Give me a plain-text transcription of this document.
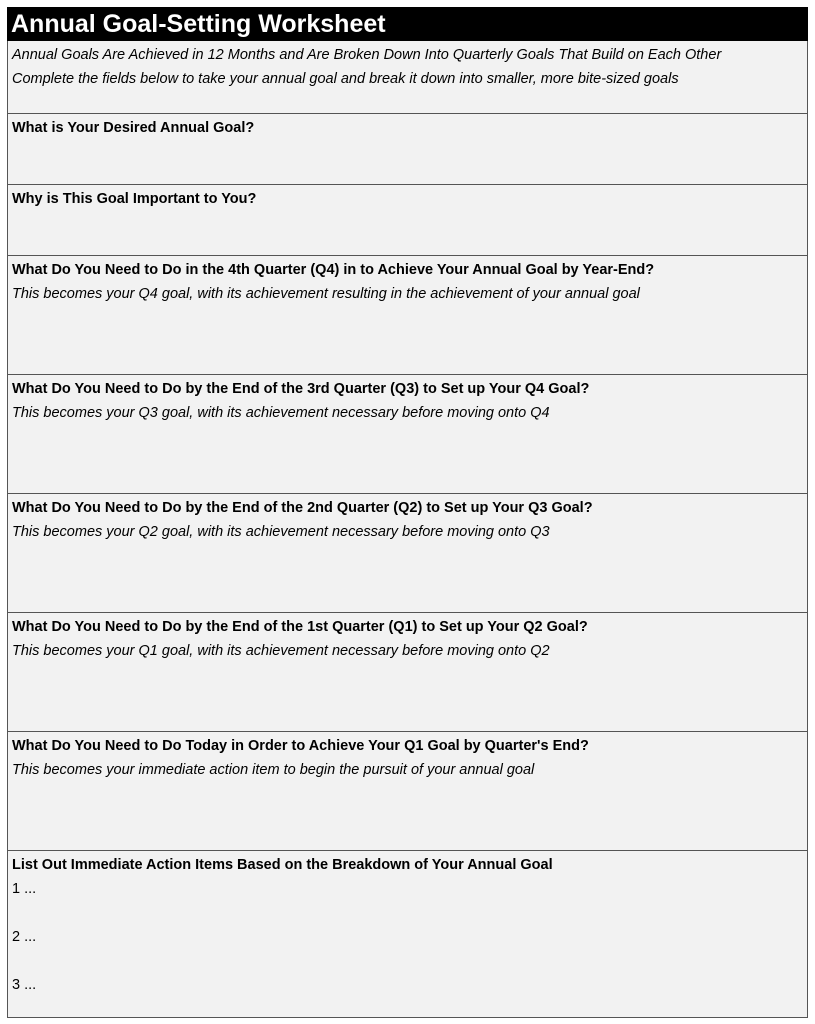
Annual Goal-Setting Worksheet
Annual Goals Are Achieved in 12 Months and Are Broken Down Into Quarterly Goals That Build on Each Other
Complete the fields below to take your annual goal and break it down into smaller, more bite-sized goals
What is Your Desired Annual Goal?
Why is This Goal Important to You?
What Do You Need to Do in the 4th Quarter (Q4) in to Achieve Your Annual Goal by Year-End?
This becomes your Q4 goal, with its achievement resulting in the achievement of your annual goal
What Do You Need to Do by the End of the 3rd Quarter (Q3) to Set up Your Q4 Goal?
This becomes your Q3 goal, with its achievement necessary before moving onto Q4
What Do You Need to Do by the End of the 2nd Quarter (Q2) to Set up Your Q3 Goal?
This becomes your Q2 goal, with its achievement necessary before moving onto Q3
What Do You Need to Do by the End of the 1st Quarter (Q1) to Set up Your Q2 Goal?
This becomes your Q1 goal, with its achievement necessary before moving onto Q2
What Do You Need to Do Today in Order to Achieve Your Q1 Goal by Quarter's End?
This becomes your immediate action item to begin the pursuit of your annual goal
List Out Immediate Action Items Based on the Breakdown of Your Annual Goal
1 ...
2 ...
3 ...
